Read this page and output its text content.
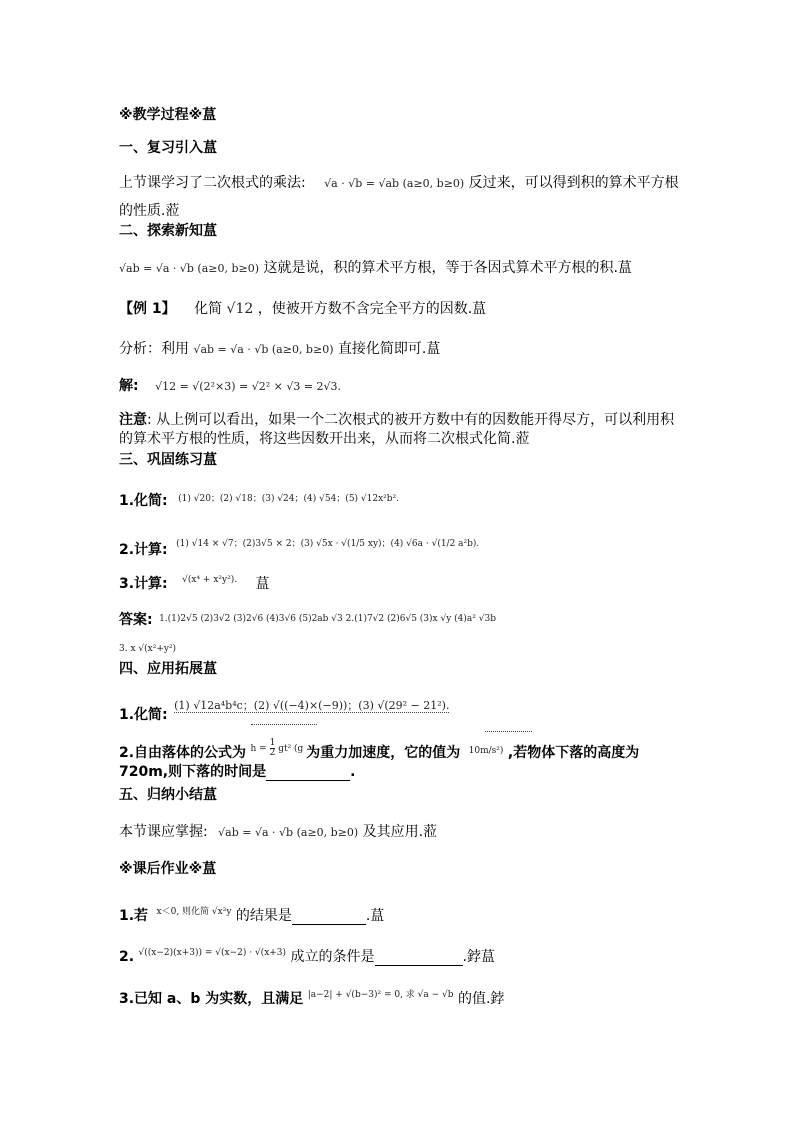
※教学过程※蒀
一、复习引入蒀
上节课学习了二次根式的乘法: √a · √b = √ab (a≥0, b≥0) 反过来，可以得到积的算术平方根
的性质.蒞
二、探索新知蒀
√ab = √a · √b (a≥0, b≥0) 这就是说，积的算术平方根，等于各因式算术平方根的积.蒀
【例 1】 化简 √12 ，使被开方数不含完全平方的因数.蒀
分析：利用 √ab = √a · √b (a≥0, b≥0) 直接化简即可.蒀
解: √12 = √(2²×3) = √2² × √3 = 2√3.
注意: 从上例可以看出，如果一个二次根式的被开方数中有的因数能开得尽方，可以利用积
的算术平方根的性质，将这些因数开出来，从而将二次根式化简.蒞
三、巩固练习蒀
1.化简: $^{(1) √20;(2) √18;(3) √24;(4) √54;(5) √12x^2b^2.}$
2.计算: $^{(1) √14 \times √7;(2)3√5 \times 2;(3) √5x \cdot √(1/5 xy);(4) √6a \cdot √(1/2 a^2b).}$
3.计算: $^{√(x^4 + x^2y^2).}$ 蒀
答案: $^{1.(1)2√5 (2)3√2 (3)2√6 (4)3√6 (5)2ab √3 2.(1)7√2 (2)6√5 (3)x √y (4)a^2 √3b}$
3. x √(x²+y²)
四、应用拓展蒀
1.化简: $^{(1) √12a^4b^4c;(2) √((-4)\times(-9));(3) √(29^2 - 21^2).}$
2.自由落体的公式为 $^{h = \frac{1}{2} gt^2 (g}$ 为重力加速度，它的值为 $^{10m/s^2)}$ ,若物体下落的高度为
720m,则下落的时间是	.
五、归纳小结蒀
本节课应掌握: √ab = √a · √b (a≥0, b≥0) 及其应用.蒞
※课后作业※蒀
1.若 $^{x<0, 则化简 √x^2y}$ 的结果是	.蒀
2. $^{√((x-2)(x+3)) = √(x-2) \cdot √(x+3)}$ 成立的条件是	.鋍蒀
3.已知 a、b 为实数，且满足 $^{|a-2| + √(b-3)^2 = 0, 求 √a - √b}$ 的值.鋍
